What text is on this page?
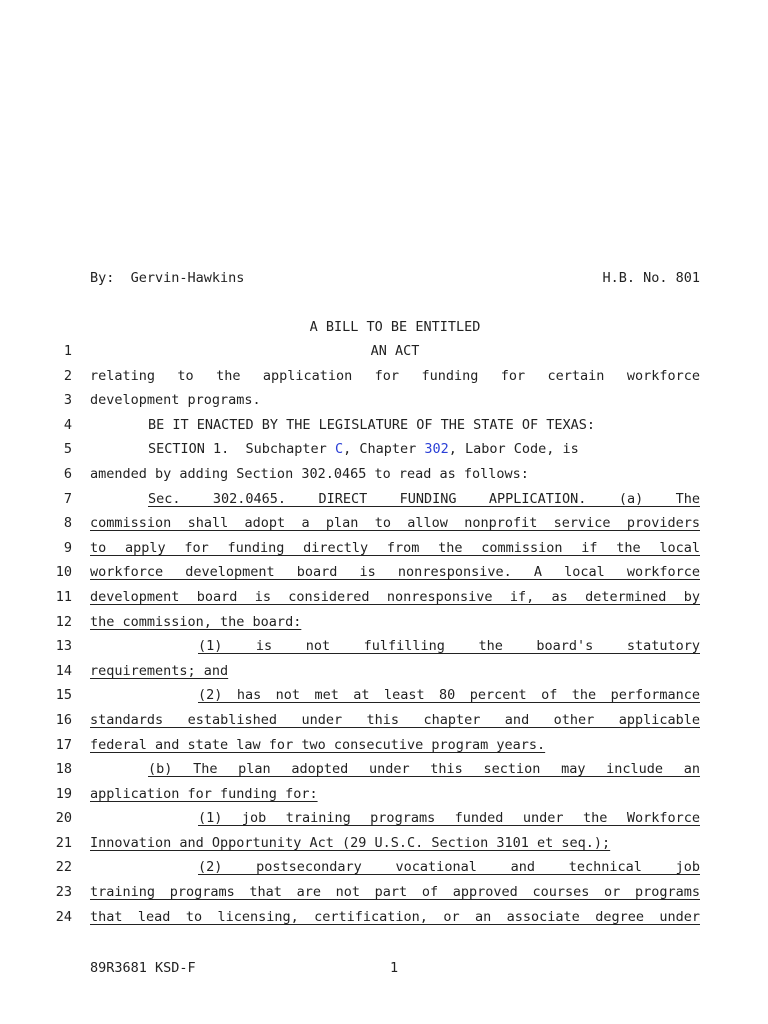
By:  Gervin-Hawkins	H.B. No. 801
A BILL TO BE ENTITLED
1	AN ACT
2 relating to the application for funding for certain workforce
3 development programs.
4	BE IT ENACTED BY THE LEGISLATURE OF THE STATE OF TEXAS:
5	SECTION 1.  Subchapter C, Chapter 302, Labor Code, is
6 amended by adding Section 302.0465 to read as follows:
7	Sec. 302.0465. DIRECT FUNDING APPLICATION. (a) The
8 commission shall adopt a plan to allow nonprofit service providers
9 to apply for funding directly from the commission if the local
10 workforce development board is nonresponsive. A local workforce
11 development board is considered nonresponsive if, as determined by
12 the commission, the board:
13	(1) is not fulfilling the board's statutory
14 requirements; and
15	(2) has not met at least 80 percent of the performance
16 standards established under this chapter and other applicable
17 federal and state law for two consecutive program years.
18	(b) The plan adopted under this section may include an
19 application for funding for:
20	(1) job training programs funded under the Workforce
21 Innovation and Opportunity Act (29 U.S.C. Section 3101 et seq.);
22	(2) postsecondary vocational and technical job
23 training programs that are not part of approved courses or programs
24 that lead to licensing, certification, or an associate degree under
89R3681 KSD-F	1
